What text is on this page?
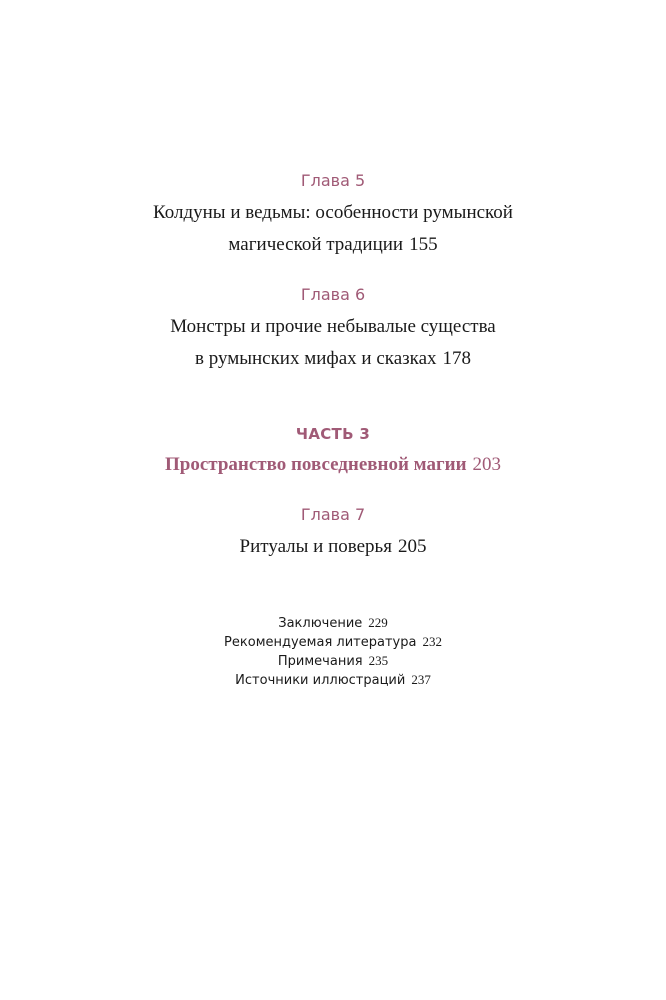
Глава 5
Колдуны и ведьмы: особенности румынской
магической традиции 155
Глава 6
Монстры и прочие небывалые существа
в румынских мифах и сказках 178
ЧАСТЬ 3
Пространство повседневной магии 203
Глава 7
Ритуалы и поверья 205
Заключение 229
Рекомендуемая литература 232
Примечания 235
Источники иллюстраций 237
